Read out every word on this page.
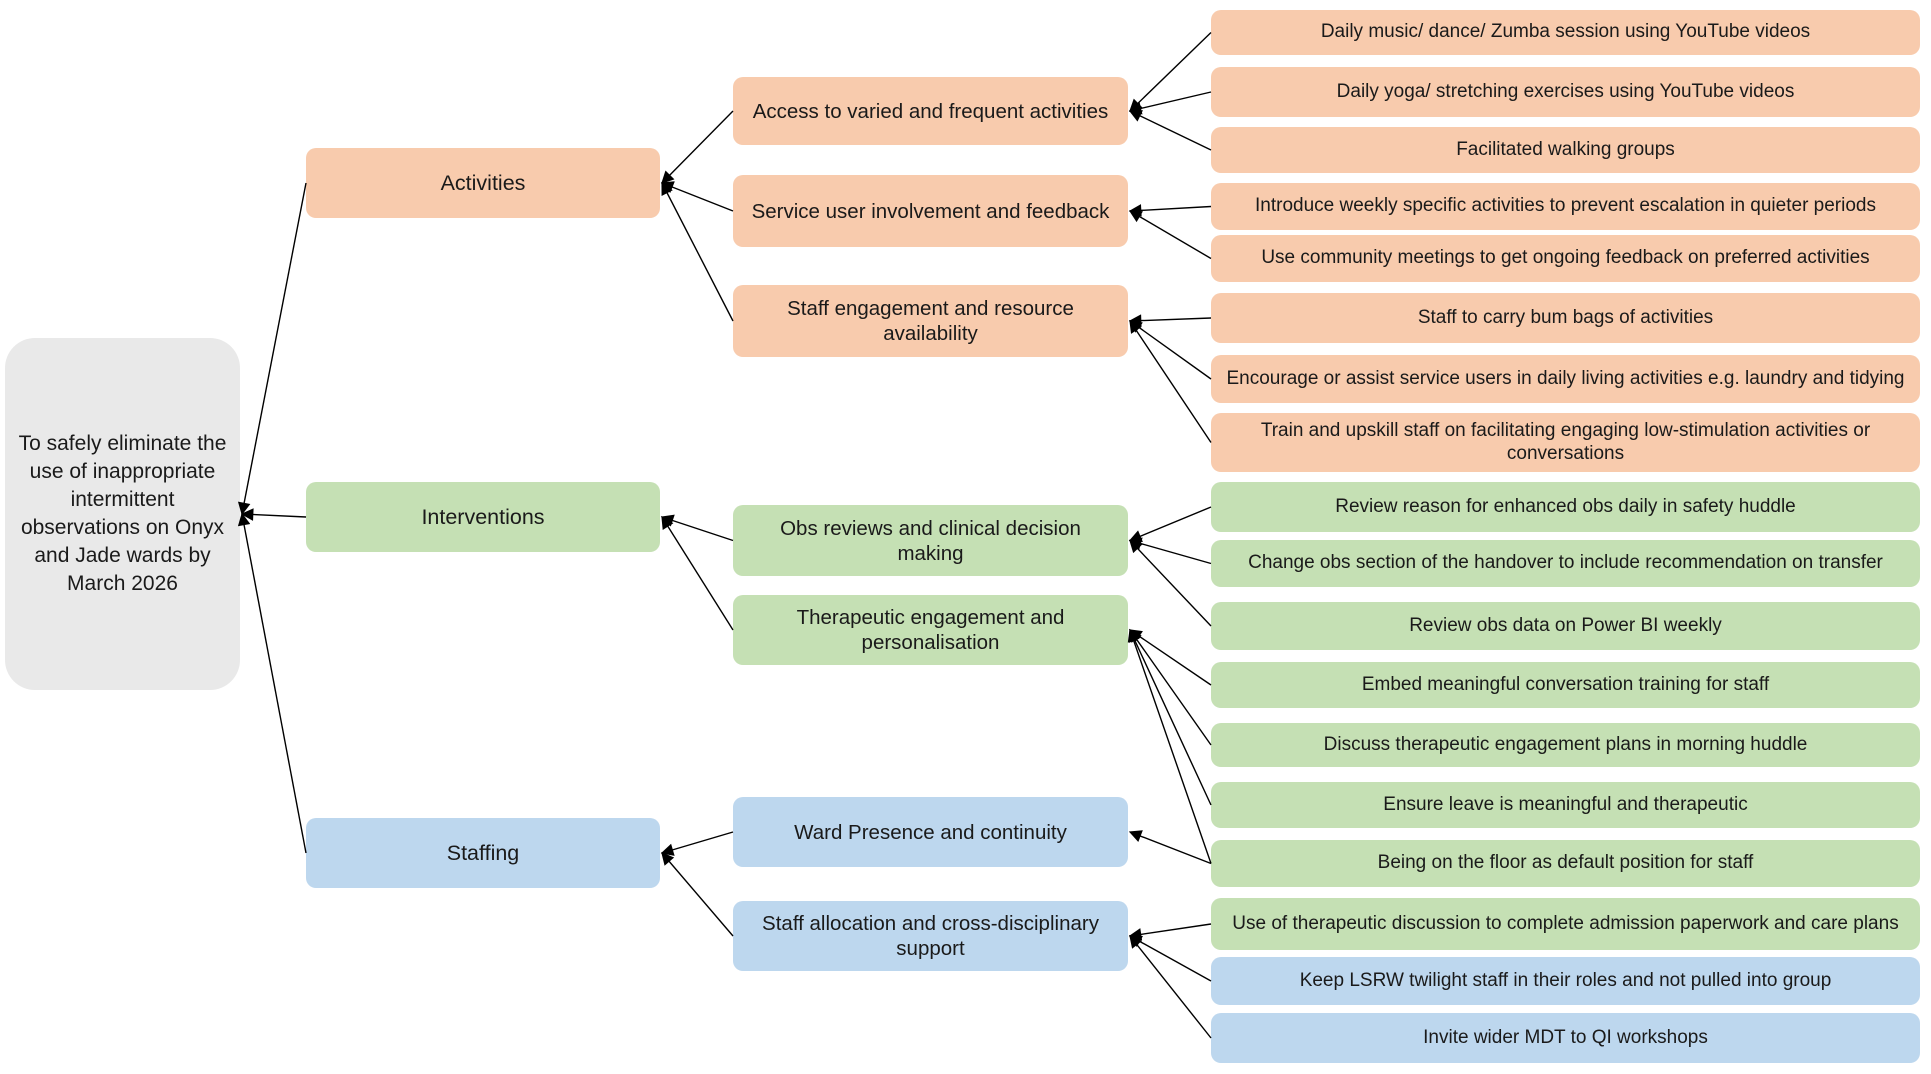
To safely eliminate the use of inappropriate intermittent observations on Onyx and Jade wards by March 2026
Activities
Interventions
Staffing
Access to varied and frequent activities
Service user involvement and feedback
Staff engagement and resource availability
Obs reviews and clinical decision making
Therapeutic engagement and personalisation
Ward Presence and continuity
Staff allocation and cross-disciplinary support
Daily music/ dance/ Zumba session using YouTube videos
Daily yoga/ stretching exercises using YouTube videos
Facilitated walking groups
Introduce weekly specific activities to prevent escalation in quieter periods
Use community meetings to get ongoing feedback on preferred activities
Staff to carry bum bags of activities
Encourage or assist service users in daily living activities e.g. laundry and tidying
Train and upskill staff on facilitating engaging low-stimulation activities or conversations
Review reason for enhanced obs daily in safety huddle
Change obs section of the handover to include recommendation on transfer
Review obs data on Power BI weekly
Embed meaningful conversation training for staff
Discuss therapeutic engagement plans in morning huddle
Ensure leave is meaningful and therapeutic
Being on the floor as default position for staff
Use of therapeutic discussion to complete admission paperwork and care plans
Keep LSRW twilight staff in their roles and not pulled into group
Invite wider MDT to QI workshops
